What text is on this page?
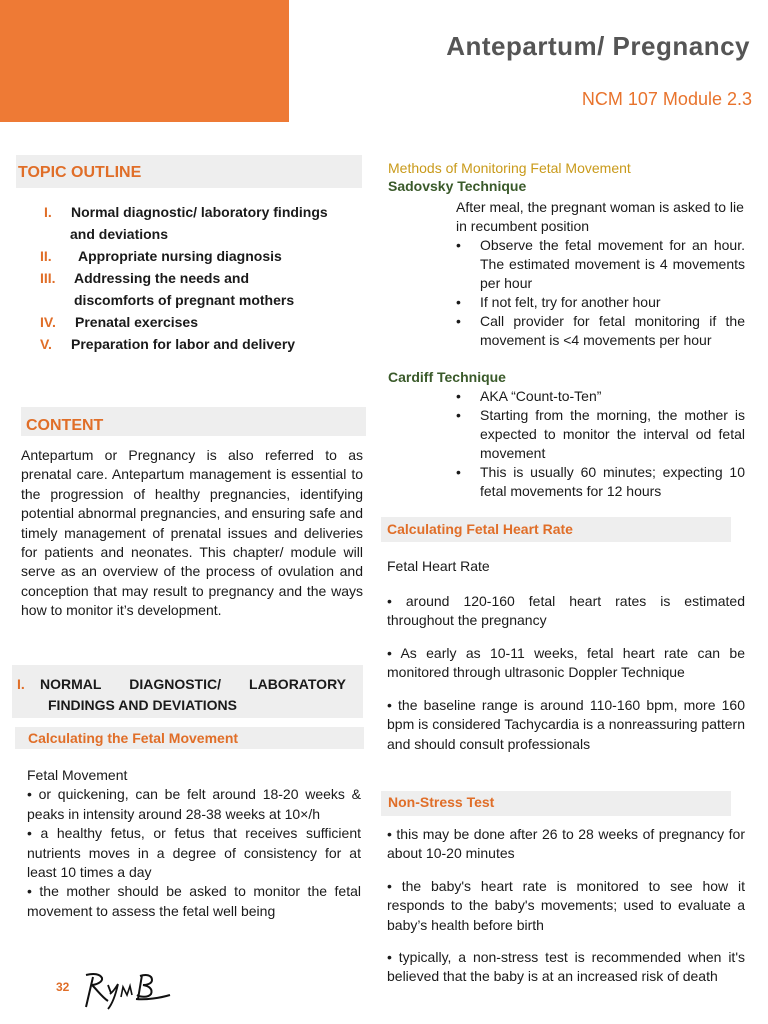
Antepartum/ Pregnancy
NCM 107 Module 2.3
TOPIC OUTLINE
I. Normal diagnostic/ laboratory findings
and deviations
II. Appropriate nursing diagnosis
III. Addressing the needs and
discomforts of pregnant mothers
IV. Prenatal exercises
V. Preparation for labor and delivery
CONTENT
Antepartum or Pregnancy is also referred to as prenatal care. Antepartum management is essential to the progression of healthy pregnancies, identifying potential abnormal pregnancies, and ensuring safe and timely management of prenatal issues and deliveries for patients and neonates. This chapter/ module will serve as an overview of the process of ovulation and conception that may result to pregnancy and the ways how to monitor it’s development.
I. NORMAL DIAGNOSTIC/ LABORATORY
FINDINGS AND DEVIATIONS
Calculating the Fetal Movement
Fetal Movement
• or quickening, can be felt around 18-20 weeks & peaks in intensity around 28-38 weeks at 10×/h
• a healthy fetus, or fetus that receives sufficient nutrients moves in a degree of consistency for at least 10 times a day
• the mother should be asked to monitor the fetal movement to assess the fetal well being
32
Methods of Monitoring Fetal Movement
Sadovsky Technique
After meal, the pregnant woman is asked to lie in recumbent position
• Observe the fetal movement for an hour. The estimated movement is 4 movements per hour
• If not felt, try for another hour
• Call provider for fetal monitoring if the movement is <4 movements per hour
Cardiff Technique
• AKA “Count-to-Ten”
• Starting from the morning, the mother is expected to monitor the interval od fetal movement
• This is usually 60 minutes; expecting 10 fetal movements for 12 hours
Calculating Fetal Heart Rate
Fetal Heart Rate
• around 120-160 fetal heart rates is estimated throughout the pregnancy
• As early as 10-11 weeks, fetal heart rate can be monitored through ultrasonic Doppler Technique
• the baseline range is around 110-160 bpm, more 160 bpm is considered Tachycardia is a nonreassuring pattern and should consult professionals
Non-Stress Test
• this may be done after 26 to 28 weeks of pregnancy for about 10-20 minutes
• the baby's heart rate is monitored to see how it responds to the baby's movements; used to evaluate a baby’s health before birth
• typically, a non-stress test is recommended when it's believed that the baby is at an increased risk of death
